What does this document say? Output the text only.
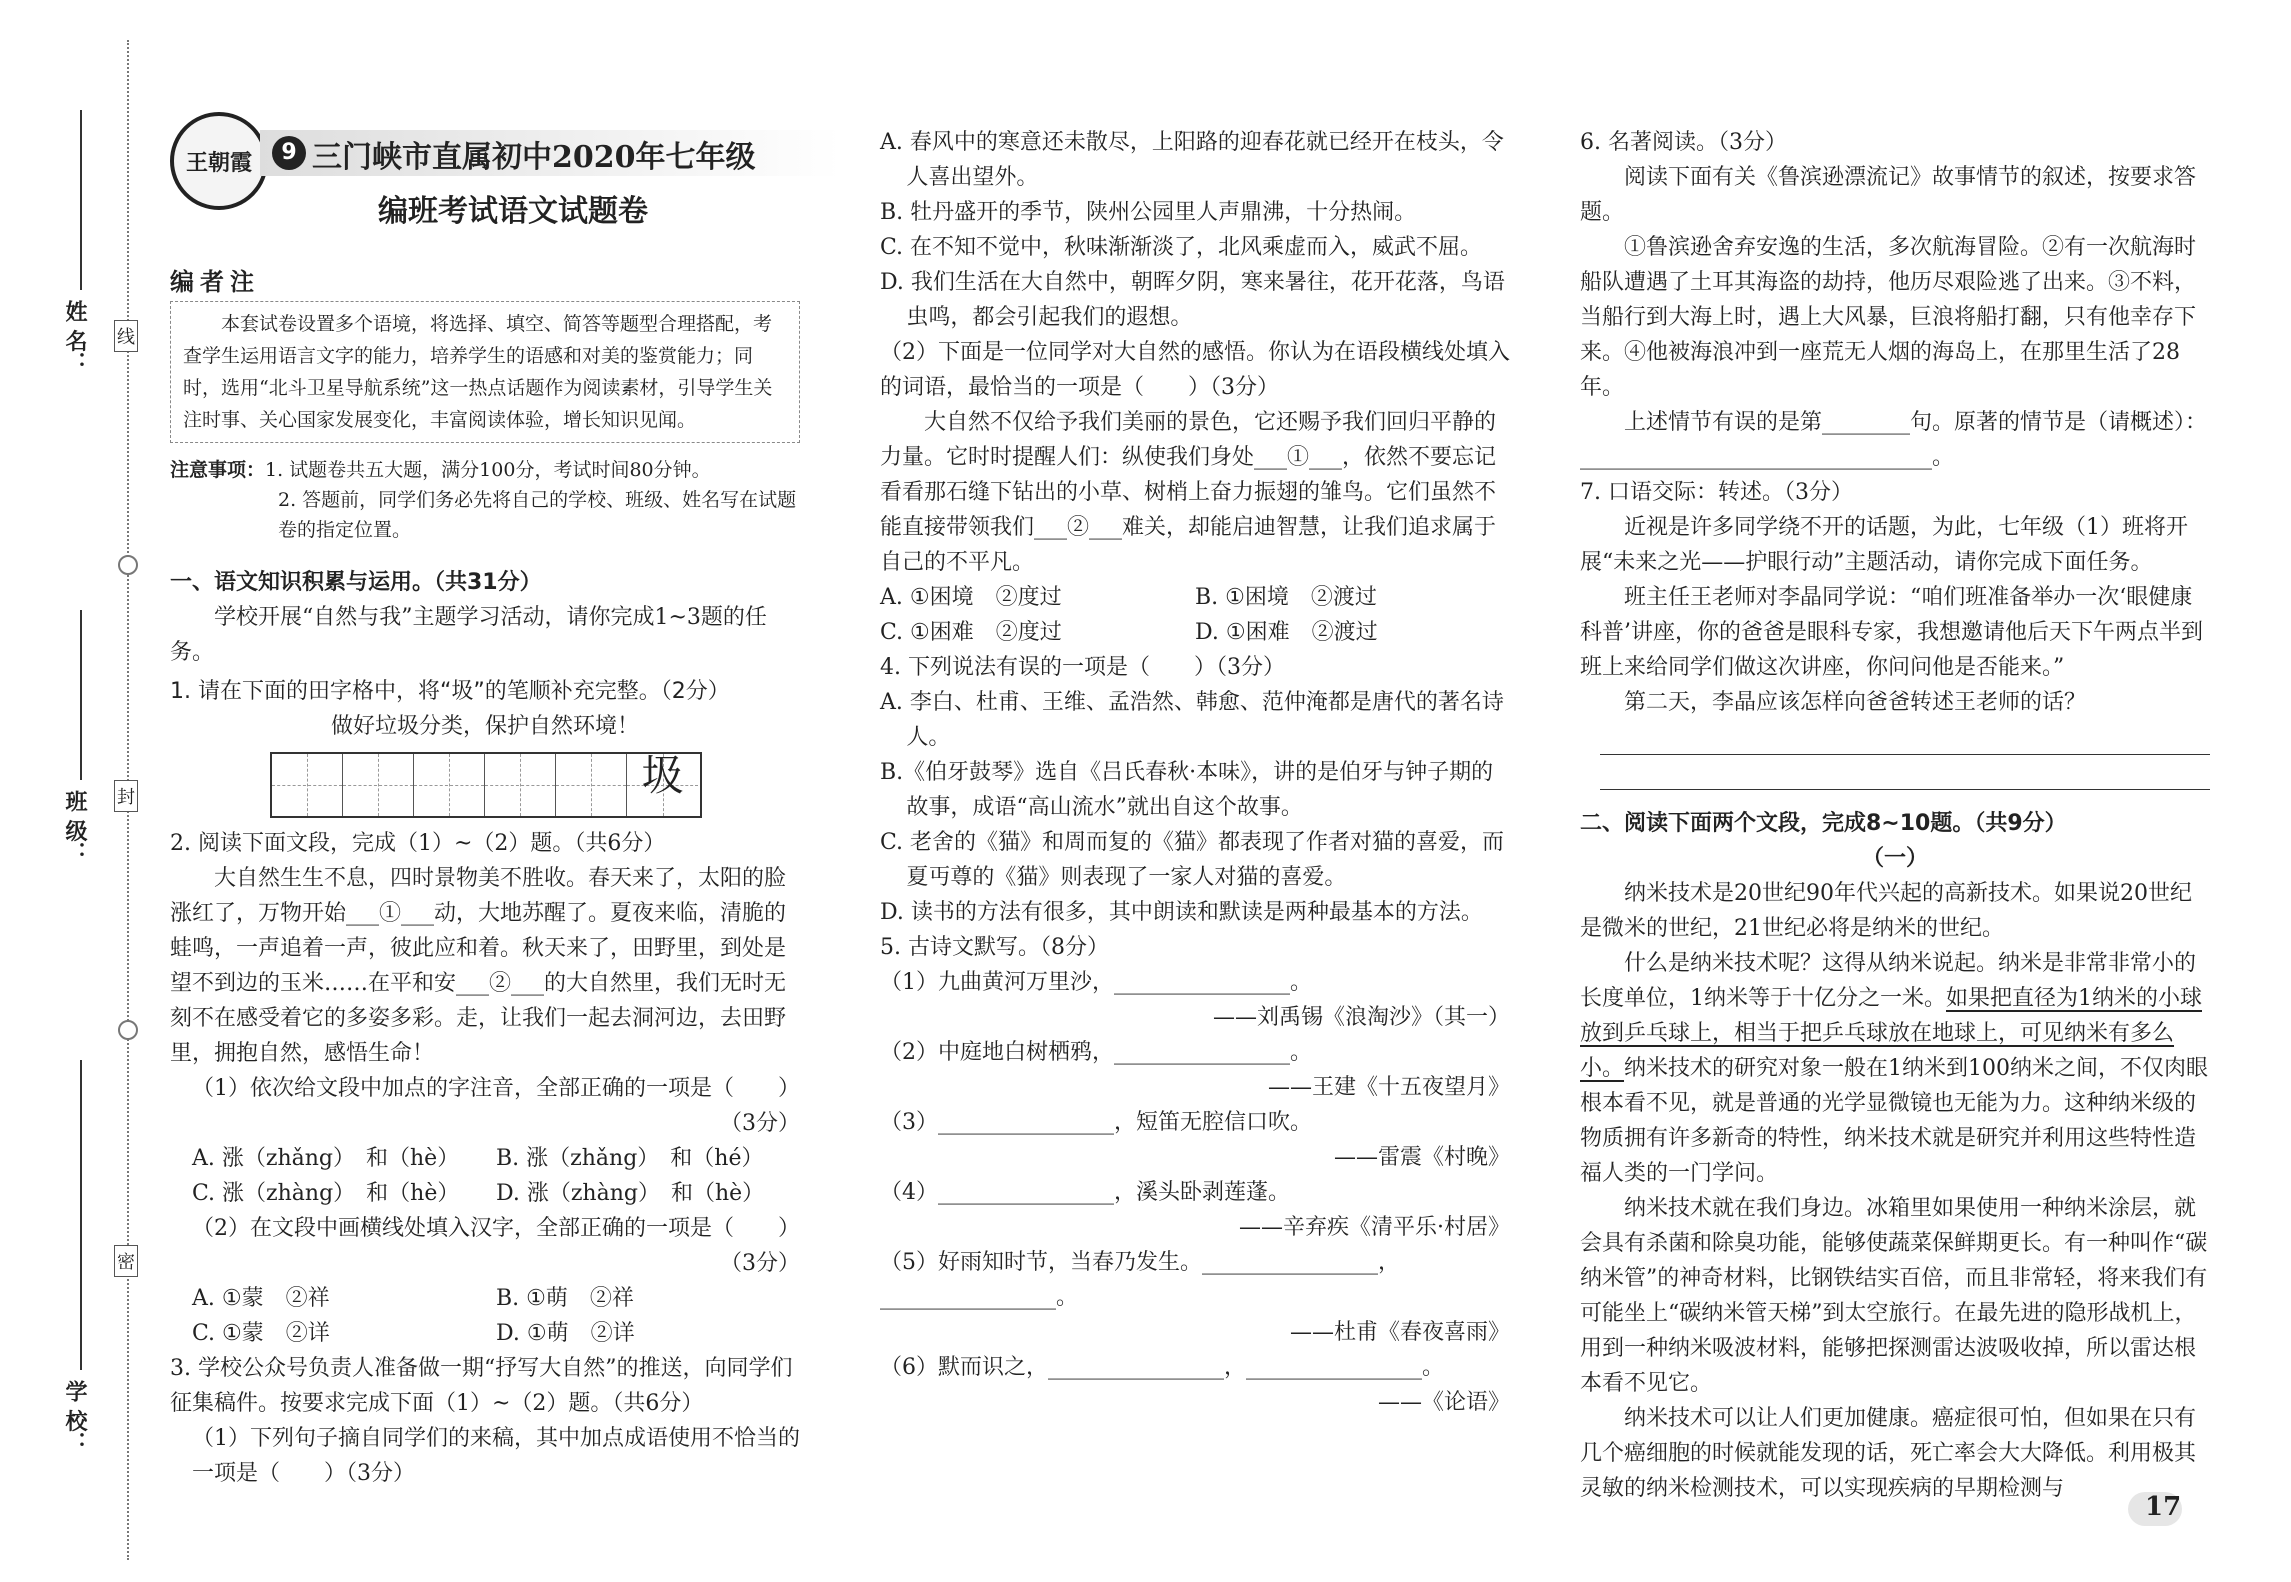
姓 名：
班 级：
学 校：
线
封
密
王朝霞	9 三门峡市直属初中2020年七年级
编班考试语文试题卷
编者注
本套试卷设置多个语境，将选择、填空、简答等题型合理搭配，考查学生运用语言文字的能力，培养学生的语感和对美的鉴赏能力；同时，选用“北斗卫星导航系统”这一热点话题作为阅读素材，引导学生关注时事、关心国家发展变化，丰富阅读体验，增长知识见闻。
注意事项：1. 试题卷共五大题，满分100分，考试时间80分钟。
2. 答题前，同学们务必先将自己的学校、班级、姓名写在试题卷的指定位置。

一、语文知识积累与运用。（共31分）

学校开展“自然与我”主题学习活动，请你完成1~3题的任务。

1. 请在下面的田字格中，将“圾”的笔顺补充完整。（2分）

做好垃圾分类，保护自然环境！

圾

2. 阅读下面文段，完成（1）~（2）题。（共6分）

大自然生生不息，四时景物美不胜收。春天来了，太阳的脸涨红了，万物开始___①___动，大地苏醒了。夏夜来临，清脆的蛙鸣，一声追着一声，彼此应和着。秋天来了，田野里，到处是望不到边的玉米……在平和安___②___的大自然里，我们无时无刻不在感受着它的多姿多彩。走，让我们一起去洞河边，去田野里，拥抱自然，感悟生命！

（1）依次给文段中加点的字注音，全部正确的一项是（　　）

（3分）

A. 涨（zhǎng）　和（hè）	B. 涨（zhǎng）　和（hé）
C. 涨（zhàng）　和（hè）	D. 涨（zhàng）　和（hè）

（2）在文段中画横线处填入汉字，全部正确的一项是（　　）

（3分）

A. ①蒙　②祥	B. ①萌　②祥
C. ①蒙　②详	D. ①萌　②详

3. 学校公众号负责人准备做一期“抒写大自然”的推送，向同学们征集稿件。按要求完成下面（1）~（2）题。（共6分）

（1）下列句子摘自同学们的来稿，其中加点成语使用不恰当的一项是（　　）（3分）

A. 春风中的寒意还未散尽，上阳路的迎春花就已经开在枝头，令人喜出望外。

B. 牡丹盛开的季节，陕州公园里人声鼎沸，十分热闹。

C. 在不知不觉中，秋味渐渐淡了，北风乘虚而入，威武不屈。

D. 我们生活在大自然中，朝晖夕阴，寒来暑往，花开花落，鸟语虫鸣，都会引起我们的遐想。

（2）下面是一位同学对大自然的感悟。你认为在语段横线处填入的词语，最恰当的一项是（　　）（3分）

大自然不仅给予我们美丽的景色，它还赐予我们回归平静的力量。它时时提醒人们：纵使我们身处___①___，依然不要忘记看看那石缝下钻出的小草、树梢上奋力振翅的雏鸟。它们虽然不能直接带领我们___②___难关，却能启迪智慧，让我们追求属于自己的不平凡。

A. ①困境　②度过	B. ①困境　②渡过
C. ①困难　②度过	D. ①困难　②渡过

4. 下列说法有误的一项是（　　）（3分）

A. 李白、杜甫、王维、孟浩然、韩愈、范仲淹都是唐代的著名诗人。

B.《伯牙鼓琴》选自《吕氏春秋·本味》，讲的是伯牙与钟子期的故事，成语“高山流水”就出自这个故事。

C. 老舍的《猫》和周而复的《猫》都表现了作者对猫的喜爱，而夏丏尊的《猫》则表现了一家人对猫的喜爱。

D. 读书的方法有很多，其中朗读和默读是两种最基本的方法。

5. 古诗文默写。（8分）

（1）九曲黄河万里沙，________________。

——刘禹锡《浪淘沙》（其一）

（2）中庭地白树栖鸦，________________。

——王建《十五夜望月》

（3）________________，短笛无腔信口吹。

——雷震《村晚》

（4）________________，溪头卧剥莲蓬。

——辛弃疾《清平乐·村居》

（5）好雨知时节，当春乃发生。________________，________________。

——杜甫《春夜喜雨》

（6）默而识之，________________，________________。

——《论语》

6. 名著阅读。（3分）

阅读下面有关《鲁滨逊漂流记》故事情节的叙述，按要求答题。

①鲁滨逊舍弃安逸的生活，多次航海冒险。②有一次航海时船队遭遇了土耳其海盗的劫持，他历尽艰险逃了出来。③不料，当船行到大海上时，遇上大风暴，巨浪将船打翻，只有他幸存下来。④他被海浪冲到一座荒无人烟的海岛上，在那里生活了28年。

上述情节有误的是第________句。原著的情节是（请概述）：________________________________。

7. 口语交际：转述。（3分）

近视是许多同学绕不开的话题，为此，七年级（1）班将开展“未来之光——护眼行动”主题活动，请你完成下面任务。

班主任王老师对李晶同学说：“咱们班准备举办一次‘眼健康科普’讲座，你的爸爸是眼科专家，我想邀请他后天下午两点半到班上来给同学们做这次讲座，你问问他是否能来。”

第二天，李晶应该怎样向爸爸转述王老师的话？

二、阅读下面两个文段，完成8~10题。（共9分）

（一）

纳米技术是20世纪90年代兴起的高新技术。如果说20世纪是微米的世纪，21世纪必将是纳米的世纪。

什么是纳米技术呢？这得从纳米说起。纳米是非常非常小的长度单位，1纳米等于十亿分之一米。如果把直径为1纳米的小球放到乒乓球上，相当于把乒乓球放在地球上，可见纳米有多么小。纳米技术的研究对象一般在1纳米到100纳米之间，不仅肉眼根本看不见，就是普通的光学显微镜也无能为力。这种纳米级的物质拥有许多新奇的特性，纳米技术就是研究并利用这些特性造福人类的一门学问。

纳米技术就在我们身边。冰箱里如果使用一种纳米涂层，就会具有杀菌和除臭功能，能够使蔬菜保鲜期更长。有一种叫作“碳纳米管”的神奇材料，比钢铁结实百倍，而且非常轻，将来我们有可能坐上“碳纳米管天梯”到太空旅行。在最先进的隐形战机上，用到一种纳米吸波材料，能够把探测雷达波吸收掉，所以雷达根本看不见它。

纳米技术可以让人们更加健康。癌症很可怕，但如果在只有几个癌细胞的时候就能发现的话，死亡率会大大降低。利用极其灵敏的纳米检测技术，可以实现疾病的早期检测与

17
